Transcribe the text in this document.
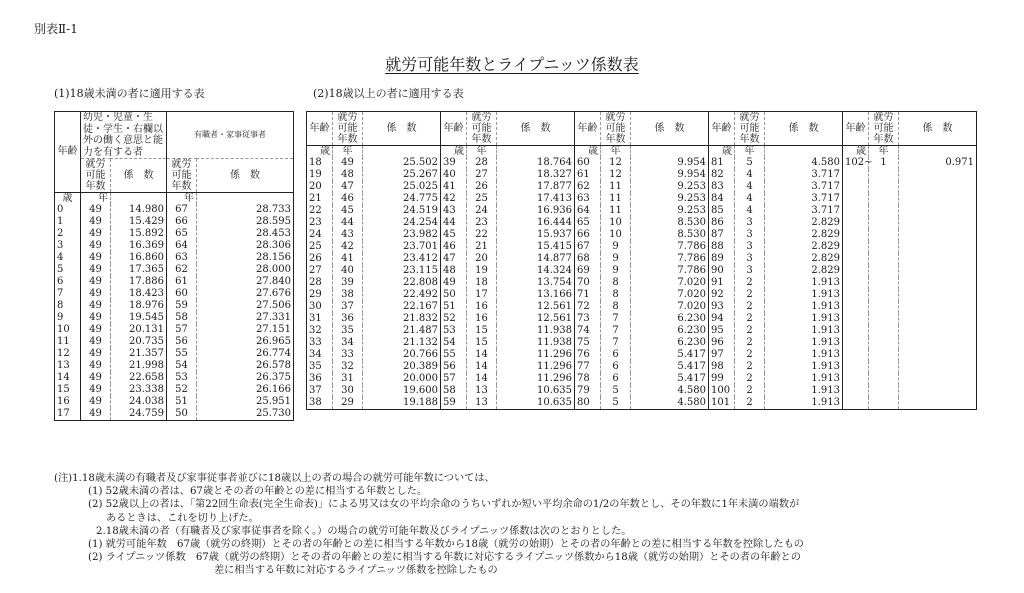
別表Ⅱ-1
就労可能年数とライプニッツ係数表
(1)18歳未満の者に適用する表	(2)18歳以上の者に適用する表
年齢	幼児・児童・生徒・学生・右欄以外の働く意思と能力を有する者		有職者・家事従事者	

	就労
可能
年数	係　数	就労
可能
年数	係　数
歳	年		年	
0	49	14.980	67	28.733
1	49	15.429	66	28.595
2	49	15.892	65	28.453
3	49	16.369	64	28.306
4	49	16.860	63	28.156
5	49	17.365	62	28.000
6	49	17.886	61	27.840
7	49	18.423	60	27.676
8	49	18.976	59	27.506
9	49	19.545	58	27.331
10	49	20.131	57	27.151
11	49	20.735	56	26.965
12	49	21.357	55	26.774
13	49	21.998	54	26.578
14	49	22.658	53	26.375
15	49	23.338	52	26.166
16	49	24.038	51	25.951
17	49	24.759	50	25.730
年齢	就労
可能
年数	係　数	年齢	就労
可能
年数	係　数	年齢	就労
可能
年数	係　数	年齢	就労
可能
年数	係　数	年齢	就労
可能
年数	係　数
歳	年		歳	年		歳	年		歳	年		歳	年	
18	49	25.502	39	28	18.764	60	12	9.954	81	5	4.580	102~	1	0.971
19	48	25.267	40	27	18.327	61	12	9.954	82	4	3.717			
20	47	25.025	41	26	17.877	62	11	9.253	83	4	3.717			
21	46	24.775	42	25	17.413	63	11	9.253	84	4	3.717			
22	45	24.519	43	24	16.936	64	11	9.253	85	4	3.717			
23	44	24.254	44	23	16.444	65	10	8.530	86	3	2.829			
24	43	23.982	45	22	15.937	66	10	8.530	87	3	2.829			
25	42	23.701	46	21	15.415	67	9	7.786	88	3	2.829			
26	41	23.412	47	20	14.877	68	9	7.786	89	3	2.829			
27	40	23.115	48	19	14.324	69	9	7.786	90	3	2.829			
28	39	22.808	49	18	13.754	70	8	7.020	91	2	1.913			
29	38	22.492	50	17	13.166	71	8	7.020	92	2	1.913			
30	37	22.167	51	16	12.561	72	8	7.020	93	2	1.913			
31	36	21.832	52	16	12.561	73	7	6.230	94	2	1.913			
32	35	21.487	53	15	11.938	74	7	6.230	95	2	1.913			
33	34	21.132	54	15	11.938	75	7	6.230	96	2	1.913			
34	33	20.766	55	14	11.296	76	6	5.417	97	2	1.913			
35	32	20.389	56	14	11.296	77	6	5.417	98	2	1.913			
36	31	20.000	57	14	11.296	78	6	5.417	99	2	1.913			
37	30	19.600	58	13	10.635	79	5	4.580	100	2	1.913			
38	29	19.188	59	13	10.635	80	5	4.580	101	2	1.913			
(注)1.18歳未満の有職者及び家事従事者並びに18歳以上の者の場合の就労可能年数については、
(1) 52歳未満の者は、67歳とその者の年齢との差に相当する年数とした。
(2) 52歳以上の者は、「第22回生命表(完全生命表)」による男又は女の平均余命のうちいずれか短い平均余命の1/2の年数とし、その年数に1年未満の端数が
あるときは、これを切り上げた。
2.18歳未満の者（有職者及び家事従事者を除く。）の場合の就労可能年数及びライプニッツ係数は次のとおりとした。
(1) 就労可能年数　67歳（就労の終期）とその者の年齢との差に相当する年数から18歳（就労の始期）とその者の年齢との差に相当する年数を控除したもの
(2) ライプニッツ係数　67歳（就労の終期）とその者の年齢との差に相当する年数に対応するライプニッツ係数から18歳（就労の始期）とその者の年齢との
差に相当する年数に対応するライプニッツ係数を控除したもの
